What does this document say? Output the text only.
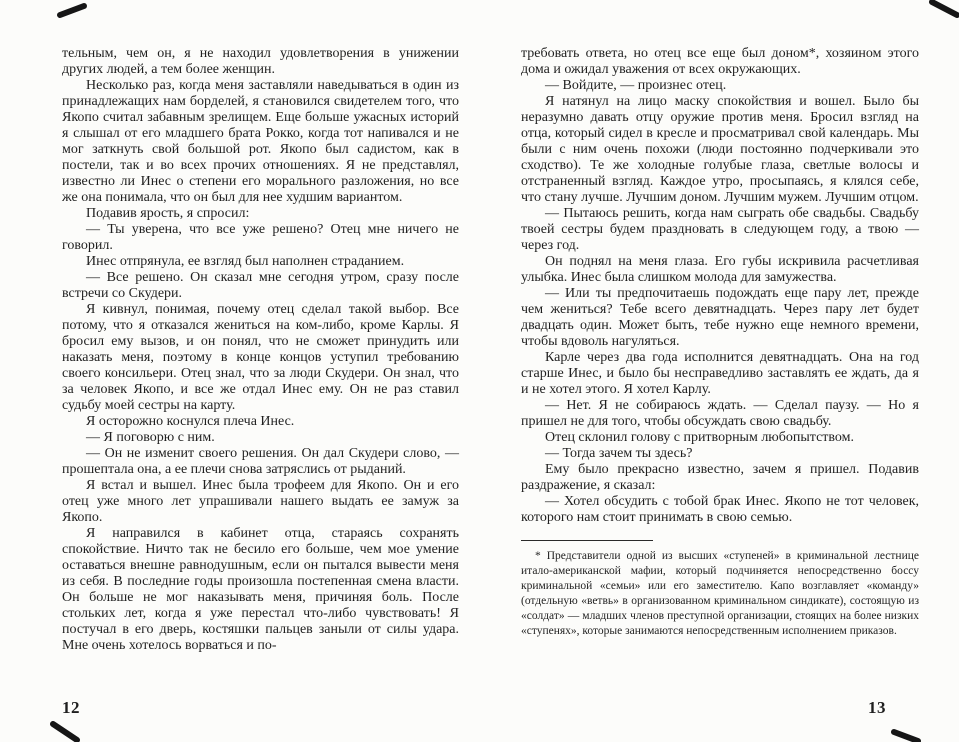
тельным, чем он, я не находил удовлетворения в унижении других людей, а тем более женщин.

Несколько раз, когда меня заставляли наведываться в один из принадлежащих нам борделей, я становился свидетелем того, что Якопо считал забавным зрелищем. Еще больше ужасных историй я слышал от его младшего брата Рокко, когда тот напивался и не мог заткнуть свой большой рот. Якопо был садистом, как в постели, так и во всех прочих отношениях. Я не представлял, известно ли Инес о степени его морального разложения, но все же она понимала, что он был для нее худшим вариантом.

Подавив ярость, я спросил:

— Ты уверена, что все уже решено? Отец мне ничего не говорил.

Инес отпрянула, ее взгляд был наполнен страданием.

— Все решено. Он сказал мне сегодня утром, сразу после встречи со Скудери.

Я кивнул, понимая, почему отец сделал такой выбор. Все потому, что я отказался жениться на ком-либо, кроме Карлы. Я бросил ему вызов, и он понял, что не сможет принудить или наказать меня, поэтому в конце концов уступил требованию своего консильери. Отец знал, что за люди Скудери. Он знал, что за человек Якопо, и все же отдал Инес ему. Он не раз ставил судьбу моей сестры на карту.

Я осторожно коснулся плеча Инес.

— Я поговорю с ним.

— Он не изменит своего решения. Он дал Скудери слово, — прошептала она, а ее плечи снова затряслись от рыданий.

Я встал и вышел. Инес была трофеем для Якопо. Он и его отец уже много лет упрашивали нашего выдать ее замуж за Якопо.

Я направился в кабинет отца, стараясь сохранять спокойствие. Ничто так не бесило его больше, чем мое умение оставаться внешне равнодушным, если он пытался вывести меня из себя. В последние годы произошла постепенная смена власти. Он больше не мог наказывать меня, причиняя боль. После стольких лет, когда я уже перестал что-либо чувствовать! Я постучал в его дверь, костяшки пальцев заныли от силы удара. Мне очень хотелось ворваться и по-

требовать ответа, но отец все еще был доном*, хозяином этого дома и ожидал уважения от всех окружающих.

— Войдите, — произнес отец.

Я натянул на лицо маску спокойствия и вошел. Было бы неразумно давать отцу оружие против меня. Бросил взгляд на отца, который сидел в кресле и просматривал свой календарь. Мы были с ним очень похожи (люди постоянно подчеркивали это сходство). Те же холодные голубые глаза, светлые волосы и отстраненный взгляд. Каждое утро, просыпаясь, я клялся себе, что стану лучше. Лучшим доном. Лучшим мужем. Лучшим отцом.

— Пытаюсь решить, когда нам сыграть обе свадьбы. Свадьбу твоей сестры будем праздновать в следующем году, а твою — через год.

Он поднял на меня глаза. Его губы искривила расчетливая улыбка. Инес была слишком молода для замужества.

— Или ты предпочитаешь подождать еще пару лет, прежде чем жениться? Тебе всего девятнадцать. Через пару лет будет двадцать один. Может быть, тебе нужно еще немного времени, чтобы вдоволь нагуляться.

Карле через два года исполнится девятнадцать. Она на год старше Инес, и было бы несправедливо заставлять ее ждать, да я и не хотел этого. Я хотел Карлу.

— Нет. Я не собираюсь ждать. — Сделал паузу. — Но я пришел не для того, чтобы обсуждать свою свадьбу.

Отец склонил голову с притворным любопытством.

— Тогда зачем ты здесь?

Ему было прекрасно известно, зачем я пришел. Подавив раздражение, я сказал:

— Хотел обсудить с тобой брак Инес. Якопо не тот человек, которого нам стоит принимать в свою семью.

* Представители одной из высших «ступеней» в криминальной лестнице итало-американской мафии, который подчиняется непосредственно боссу криминальной «семьи» или его заместителю. Капо возглавляет «команду» (отдельную «ветвь» в организованном криминальном синдикате), состоящую из «солдат» — младших членов преступной организации, стоящих на более низких «ступенях», которые занимаются непосредственным исполнением приказов.
12	13
